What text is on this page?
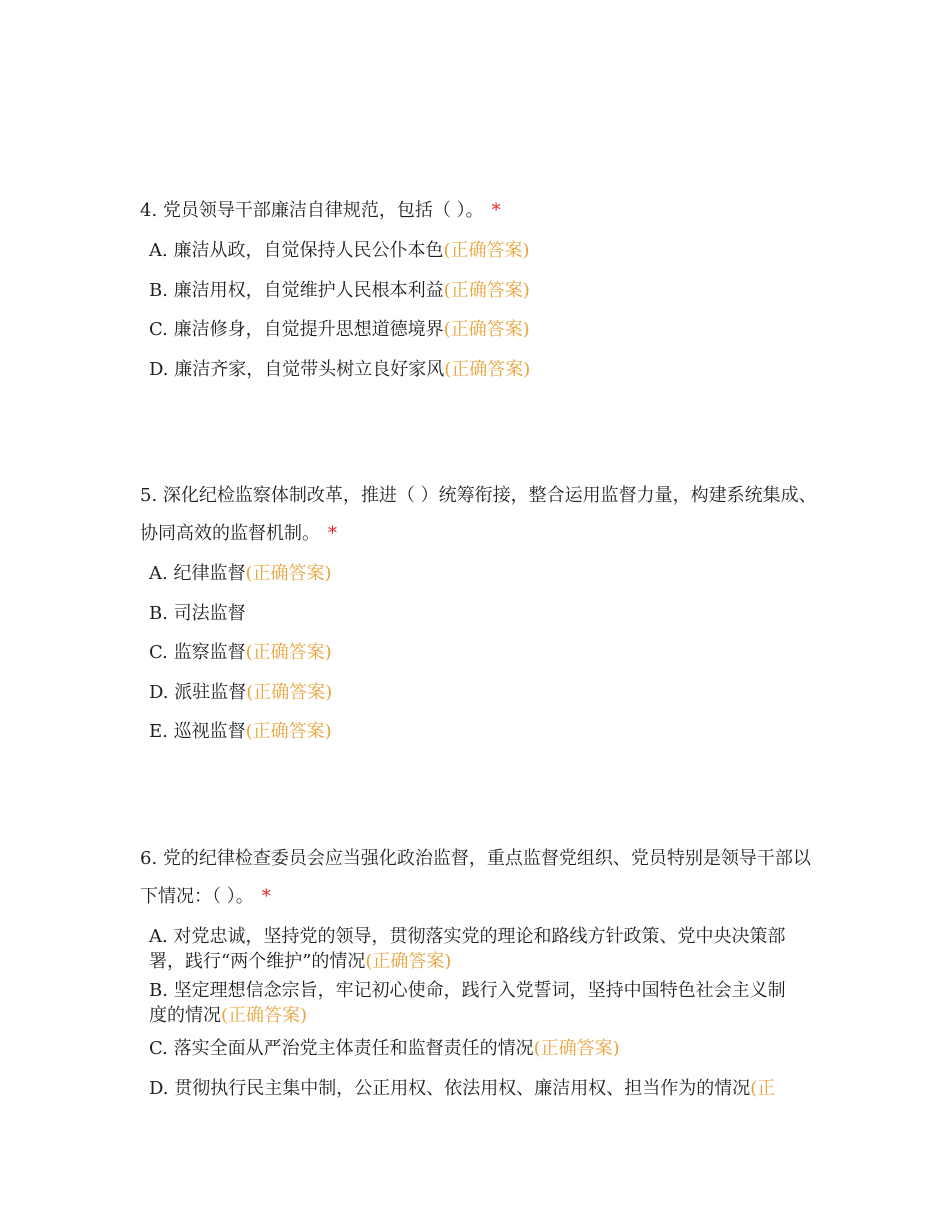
4. 党员领导干部廉洁自律规范，包括（ ）。 *

A. 廉洁从政，自觉保持人民公仆本色(正确答案)
B. 廉洁用权，自觉维护人民根本利益(正确答案)
C. 廉洁修身，自觉提升思想道德境界(正确答案)
D. 廉洁齐家，自觉带头树立良好家风(正确答案)

5. 深化纪检监察体制改革，推进（ ）统筹衔接，整合运用监督力量，构建系统集成、协同高效的监督机制。 *

A. 纪律监督(正确答案)
B. 司法监督
C. 监察监督(正确答案)
D. 派驻监督(正确答案)
E. 巡视监督(正确答案)

6. 党的纪律检查委员会应当强化政治监督，重点监督党组织、党员特别是领导干部以下情况：（ ）。 *

A. 对党忠诚，坚持党的领导，贯彻落实党的理论和路线方针政策、党中央决策部署，践行“两个维护”的情况(正确答案)
B. 坚定理想信念宗旨，牢记初心使命，践行入党誓词，坚持中国特色社会主义制度的情况(正确答案)
C. 落实全面从严治党主体责任和监督责任的情况(正确答案)
D. 贯彻执行民主集中制，公正用权、依法用权、廉洁用权、担当作为的情况(正
